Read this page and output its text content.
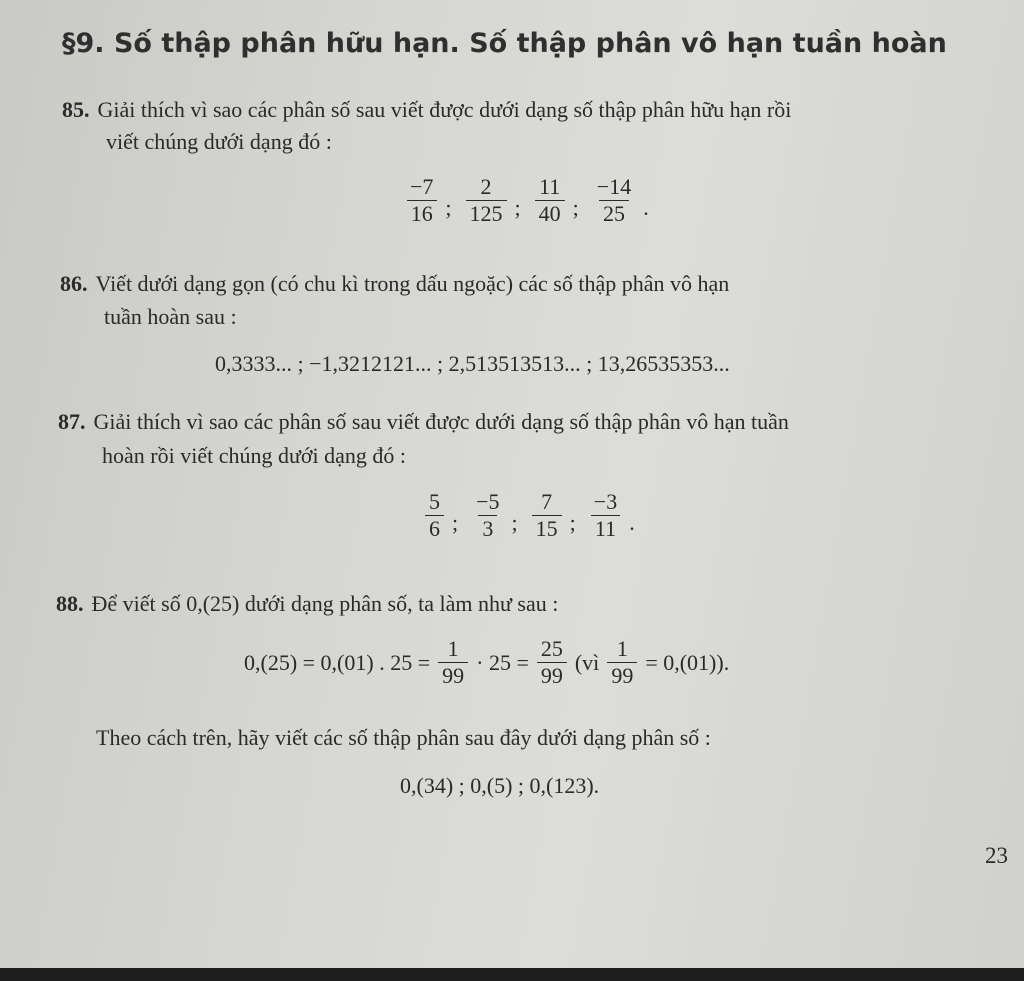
§9. Số thập phân hữu hạn. Số thập phân vô hạn tuần hoàn
85. Giải thích vì sao các phân số sau viết được dưới dạng số thập phân hữu hạn rồi
viết chúng dưới dạng đó :
$\frac{-7}{16}$ ; $\frac{2}{125}$ ; $\frac{11}{40}$ ; $\frac{-14}{25}$ .
86. Viết dưới dạng gọn (có chu kì trong dấu ngoặc) các số thập phân vô hạn
tuần hoàn sau :
0,3333... ; −1,3212121... ; 2,513513513... ; 13,26535353...
87. Giải thích vì sao các phân số sau viết được dưới dạng số thập phân vô hạn tuần
hoàn rồi viết chúng dưới dạng đó :
$\frac{5}{6}$ ; $\frac{-5}{3}$ ; $\frac{7}{15}$ ; $\frac{-3}{11}$ .
88. Để viết số 0,(25) dưới dạng phân số, ta làm như sau :
0,(25) = 0,(01) . $25 = \frac{1}{99} \cdot 25 = \frac{25}{99}$ (vì $\frac{1}{99} = 0,(01)$).
Theo cách trên, hãy viết các số thập phân sau đây dưới dạng phân số :
0,(34) ; 0,(5) ; 0,(123).
23
